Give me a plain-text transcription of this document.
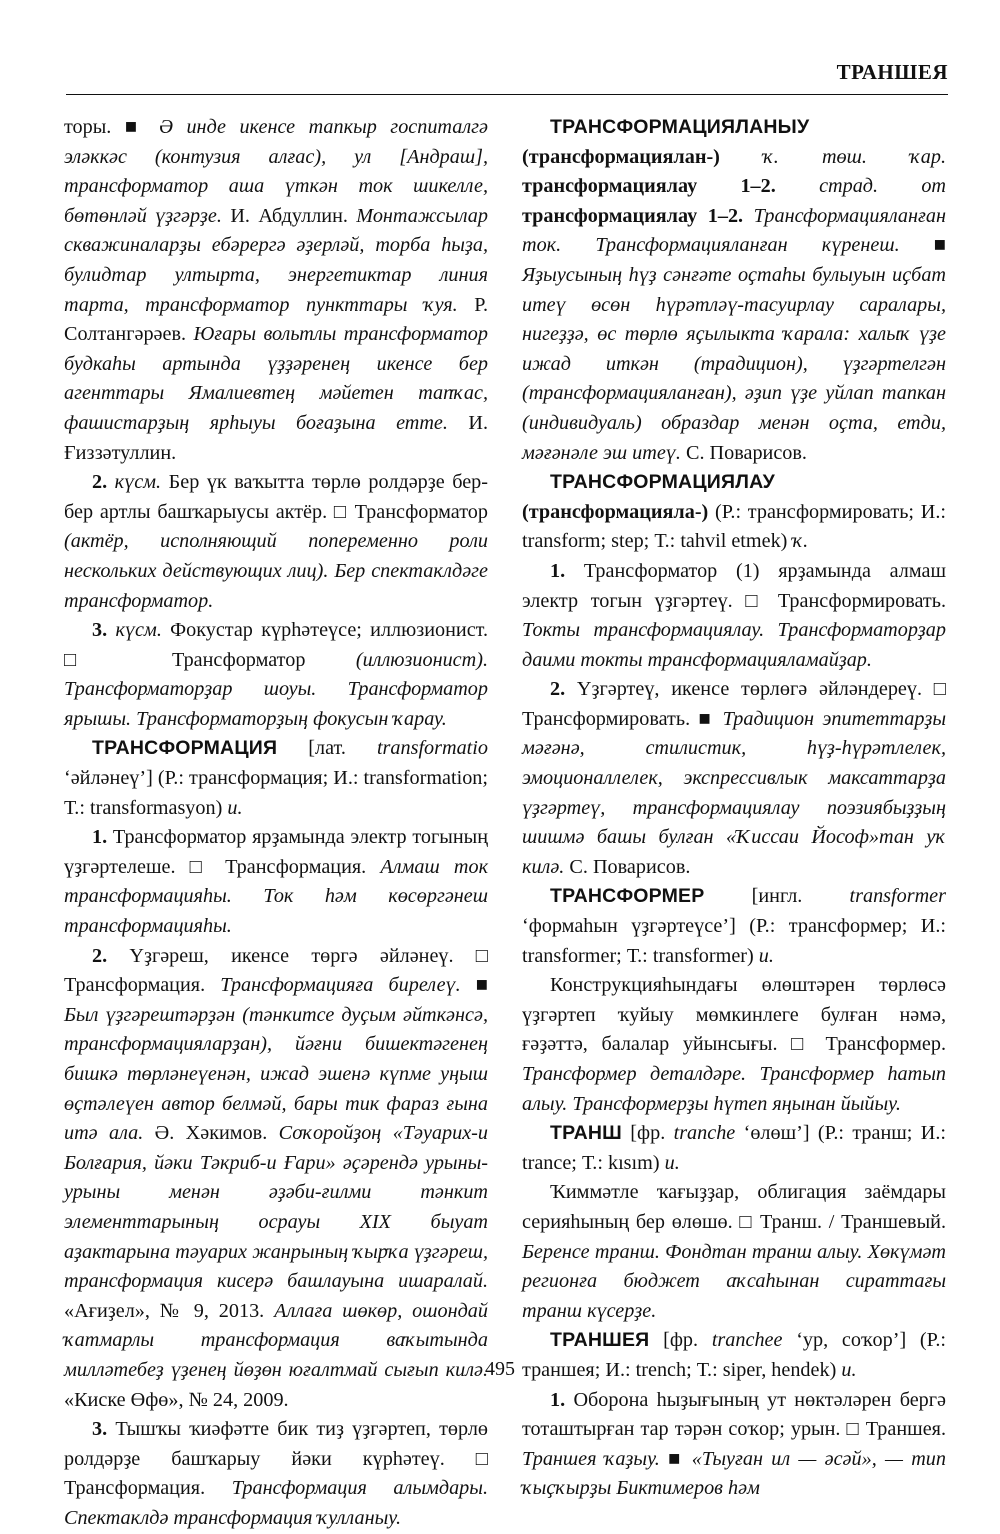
ТРАНШЕЯ

торы. ■ Ә инде икенсе тапкыр госпиталгә эләккәс (контузия алғас), ул [Андраш], трансформатор аша үткән ток шикелле, бөтөнләй үҙгәрҙе. И. Абдуллин. Монтажсылар скважиналарҙы ебәрергә әҙерләй, торба һыҙа, булидтар ултырта, энергетиктар линия тарта, трансформатор пункттары ҡуя. Р. Солтангәрәев. Юғары вольтлы трансформатор будкаһы артында үҙҙәренең икенсе бер агенттары Ямалиевтең мәйетен тапҡас, фашистарҙың ярһыуы боғаҙына етте. И. Ғиззәтуллин.

2. күсм. Бер үк ваҡытта төрлө ролдәрҙе бер-бер артлы башҡарыусы актёр. □ Трансформатор (актёр, исполняющий попеременно роли нескольких действующих лиц). Бер спектаклдәге трансформатор.

3. күсм. Фокустар күрһәтеүсе; иллюзионист. □ Трансформатор (иллюзионист). Трансформаторҙар шоуы. Трансформатор ярышы. Трансформаторҙың фокусын ҡарау.

ТРАНСФОРМАЦИЯ [лат. transformatio ‘әйләнеү’] (Р.: трансформация; И.: transformation; Т.: transformasyon) и.

1. Трансформатор ярҙамында электр тогының үҙгәртелеше. □ Трансформация. Алмаш ток трансформацияһы. Ток һәм көсөргәнеш трансформацияһы.

2. Үҙгәреш, икенсе төргә әйләнеү. □ Трансформация. Трансформацияға бирелеү. ■ Был үҙгәрештәрҙән (тәнкитсе дуҫым әйткәнсә, трансформацияларҙан), йәғни бишектәгенең бишкә төрләнеүенән, ижад эшенә күпме уңыш өҫтәлеүен автор белмәй, бары тик фараз ғына итә ала. Ә. Хәкимов. Соҡоройҙоң «Тәуарих-и Болғария, йәки Тәкриб-и Ғари» әҫәрендә урыны-урыны менән әҙәби-ғилми тәнкит элементтарының осрауы XIX быуат аҙактарына тәуарих жанрының ҡырҡа үҙгәреш, трансформация кисерә башлауына ишаралай. «Ағиҙел», № 9, 2013. Аллаға шөкөр, ошондай ҡатмарлы трансформация ваҡытында милләтебеҙ үҙенең йөҙөн юғалтмай сығып килә. «Киске Өфө», № 24, 2009.

3. Тышҡы ҡиәфәтте бик тиҙ үҙгәртеп, төрлө ролдәрҙе башҡарыу йәки күрһәтеү. □ Трансформация. Трансформация алымдары. Спектаклдә трансформация ҡулланыу.

ТРАНСФОРМАЦИЯЛАНЫУ (трансформациялан-) ҡ. төш. ҡар. трансформациялау 1–2. страд. от трансформациялау 1–2. Трансформацияланған ток. Трансформацияланған күренеш. ■ Яҙыусының һүҙ сәнғәте оҫтаһы булыуын иҫбат итеү өсөн һүрәтләү-тасуирлау саралары, нигеҙҙә, өс төрлө яҫылыкта ҡарала: халыҡ үҙе ижад иткән (традицион), үҙгәртелгән (трансформацияланған), әҙип үҙе уйлап тапкан (индивидуаль) образдар менән оҫта, етди, мәғәнәле эш итеү. С. Поварисов.

ТРАНСФОРМАЦИЯЛАУ (трансформацияла-) (Р.: трансформировать; И.: transform; step; Т.: tahvil etmek) ҡ.

1. Трансформатор (1) ярҙамында алмаш электр тогын үҙгәртеү. □ Трансформировать. Токты трансформациялау. Трансформаторҙар даими токты трансформацияламайҙар.

2. Үҙгәртеү, икенсе төрлөгә әйләндереү. □ Трансформировать. ■ Традицион эпитеттарҙы мәғәнә, стилистик, һүҙ-һүрәтлелек, эмоционаллелек, экспрессивлык максаттарҙа үҙгәртеү, трансформациялау поэзиябыҙҙың шишмә башы булған «Ҡиссаи Йософ»тан уҡ килә. С. Поварисов.

ТРАНСФОРМЕР [ингл. transformer ‘формаһын үҙгәртеүсе’] (Р.: трансформер; И.: transformer; Т.: transformer) и.

Конструкцияһындағы өлөштәрен төрлөсә үҙгәртеп ҡуйыу мөмкинлеге булған нәмә, ғәҙәттә, балалар уйынсығы. □ Трансформер. Трансформер деталдәре. Трансформер һатып алыу. Трансформерҙы һүтеп яңынан йыйыу.

ТРАНШ [фр. tranche ‘өлөш’] (Р.: транш; И.: trance; Т.: kısım) и.

Ҡиммәтле ҡағыҙҙар, облигация заёмдары серияһының бер өлөшө. □ Транш. / Траншевый. Беренсе транш. Фондтан транш алыу. Хөкүмәт регионға бюджет аҡсаһынан сираттағы транш күсерҙе.

ТРАНШЕЯ [фр. tranchee ‘ур, соҡор’] (Р.: траншея; И.: trench; Т.: siper, hendek) и.

1. Оборона һыҙығының ут нөктәләрен бергә тоташтырған тар тәрән соҡор; урын. □ Траншея. Траншея ҡаҙыу. ■ «Тыуған ил — әсәй», — тип ҡыҫҡырҙы Биктимеров һәм

495
